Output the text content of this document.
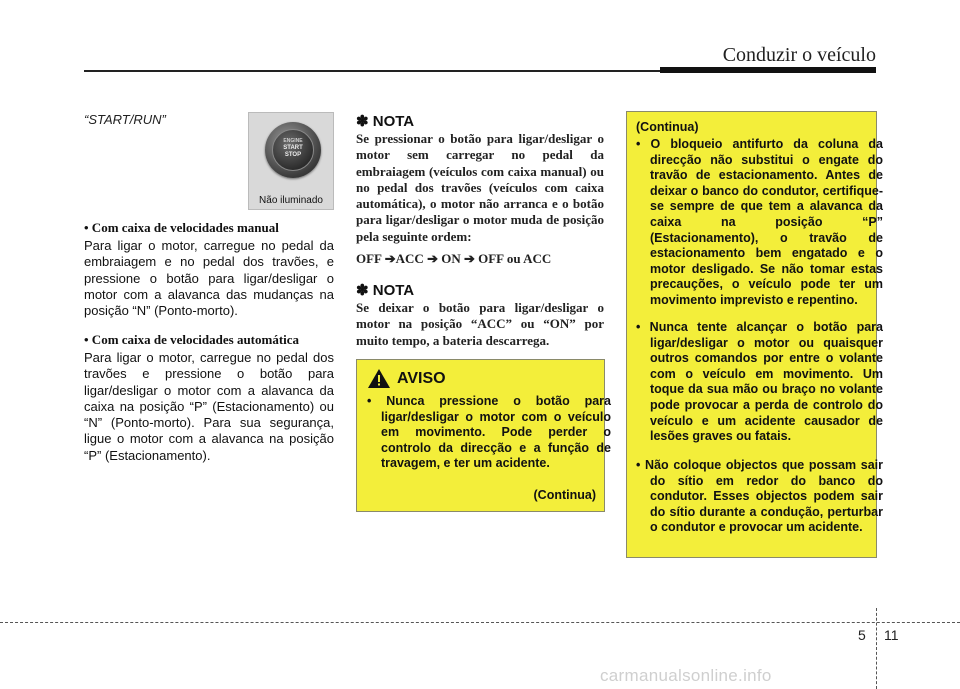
Conduzir o veículo
“START/RUN”
ENGINE
START
STOP
Não iluminado
• Com caixa de velocidades manual
Para ligar o motor, carregue no pedal da embraiagem e no pedal dos travões, e pressione o botão para ligar/desligar o motor com a alavanca das mudanças na posição “N” (Ponto-morto).
• Com caixa de velocidades automática
Para ligar o motor, carregue no pedal dos travões e pressione o botão para ligar/desligar o motor com a alavanca da caixa na posição “P” (Estacionamento) ou “N” (Ponto-morto). Para sua segurança, ligue o motor com a alavanca na posição “P” (Estacionamento).
✽ NOTA
Se pressionar o botão para ligar/desligar o motor sem carregar no pedal da embraiagem (veículos com caixa manual) ou no pedal dos travões (veículos com caixa automática), o motor não arranca e o botão para ligar/desligar o motor muda de posição pela seguinte ordem:
OFF ➔ACC ➔ ON ➔ OFF ou ACC
✽ NOTA
Se deixar o botão para ligar/desligar o motor na posição “ACC” ou “ON” por muito tempo, a bateria descarrega.
AVISO
• Nunca pressione o botão para ligar/desligar o motor com o veículo em movimento. Pode perder o controlo da direcção e a função de travagem, e ter um acidente.
(Continua)
(Continua)
• O bloqueio antifurto da coluna da direcção não substitui o engate do travão de estacionamento. Antes de deixar o banco do condutor, certifique-se sempre de que tem a alavanca da caixa na posição “P” (Estacionamento), o travão de estacionamento bem engatado e o motor desligado. Se não tomar estas precauções, o veículo pode ter um movimento imprevisto e repentino.
• Nunca tente alcançar o botão para ligar/desligar o motor ou quaisquer outros comandos por entre o volante com o veículo em movimento. Um toque da sua mão ou braço no volante pode provocar a perda de controlo do veículo e um acidente causador de lesões graves ou fatais.
• Não coloque objectos que possam sair do sítio em redor do banco do condutor. Esses objectos podem sair do sítio durante a condução, perturbar o condutor e provocar um acidente.
5 11
carmanualsonline.info
